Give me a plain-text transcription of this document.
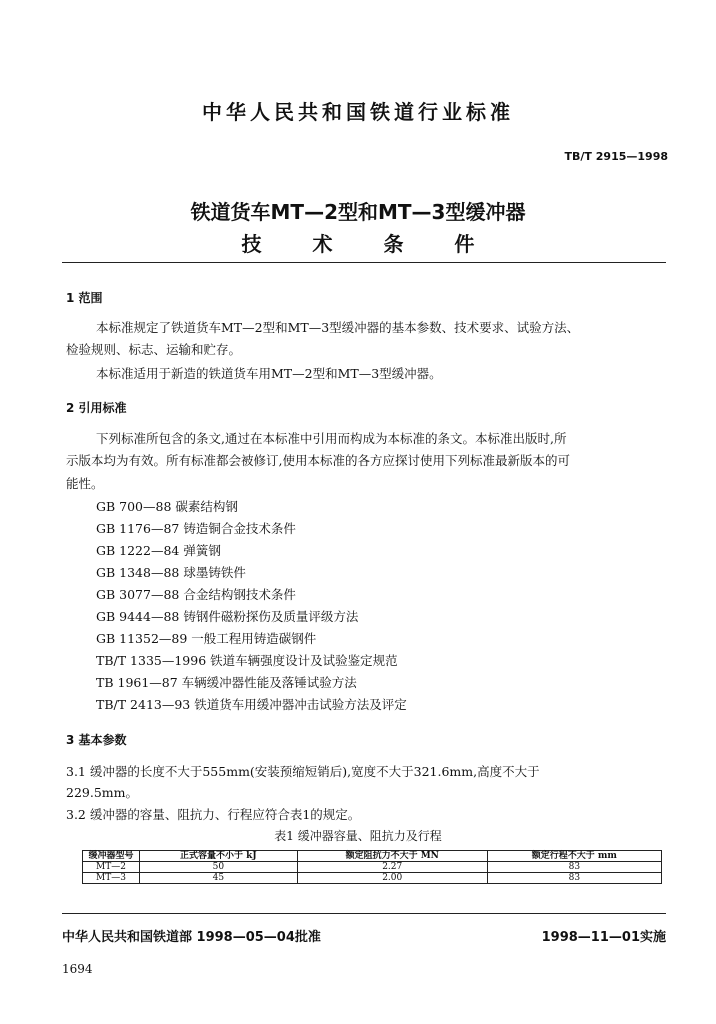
中华人民共和国铁道行业标准
TB/T 2915—1998
铁道货车MT—2型和MT—3型缓冲器
技 术 条 件
1 范围
本标准规定了铁道货车MT—2型和MT—3型缓冲器的基本参数、技术要求、试验方法、
检验规则、标志、运输和贮存。
本标准适用于新造的铁道货车用MT—2型和MT—3型缓冲器。
2 引用标准
下列标准所包含的条文,通过在本标准中引用而构成为本标准的条文。本标准出版时,所
示版本均为有效。所有标准都会被修订,使用本标准的各方应探讨使用下列标准最新版本的可
能性。
GB 700—88 碳素结构钢
GB 1176—87 铸造铜合金技术条件
GB 1222—84 弹簧钢
GB 1348—88 球墨铸铁件
GB 3077—88 合金结构钢技术条件
GB 9444—88 铸钢件磁粉探伤及质量评级方法
GB 11352—89 一般工程用铸造碳钢件
TB/T 1335—1996 铁道车辆强度设计及试验鉴定规范
TB 1961—87 车辆缓冲器性能及落锤试验方法
TB/T 2413—93 铁道货车用缓冲器冲击试验方法及评定
3 基本参数
3.1 缓冲器的长度不大于555mm(安装预缩短销后),宽度不大于321.6mm,高度不大于
229.5mm。
3.2 缓冲器的容量、阻抗力、行程应符合表1的规定。
表1 缓冲器容量、阻抗力及行程
缓冲器型号	正式容量不小于 kJ	额定阻抗力不大于 MN	额定行程不大于 mm
MT—2	50	2.27	83
MT—3	45	2.00	83
中华人民共和国铁道部 1998—05—04批准	1998—11—01实施
1694
